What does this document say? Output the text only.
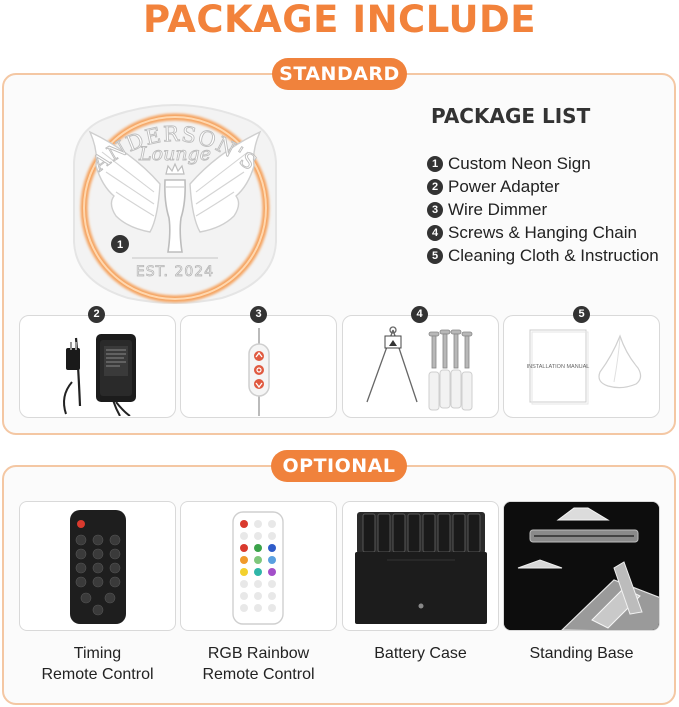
PACKAGE INCLUDE
STANDARD
ANDERSON'S
Lounge
EST. 2024
1
PACKAGE LIST
1 Custom Neon Sign
2 Power Adapter
3 Wire Dimmer
4 Screws & Hanging Chain
5 Cleaning Cloth & Instruction
2	3	4
INSTALLATION MANUAL
5
OPTIONAL
Timing
Remote Control
RGB Rainbow
Remote Control
Battery Case	Standing Base
